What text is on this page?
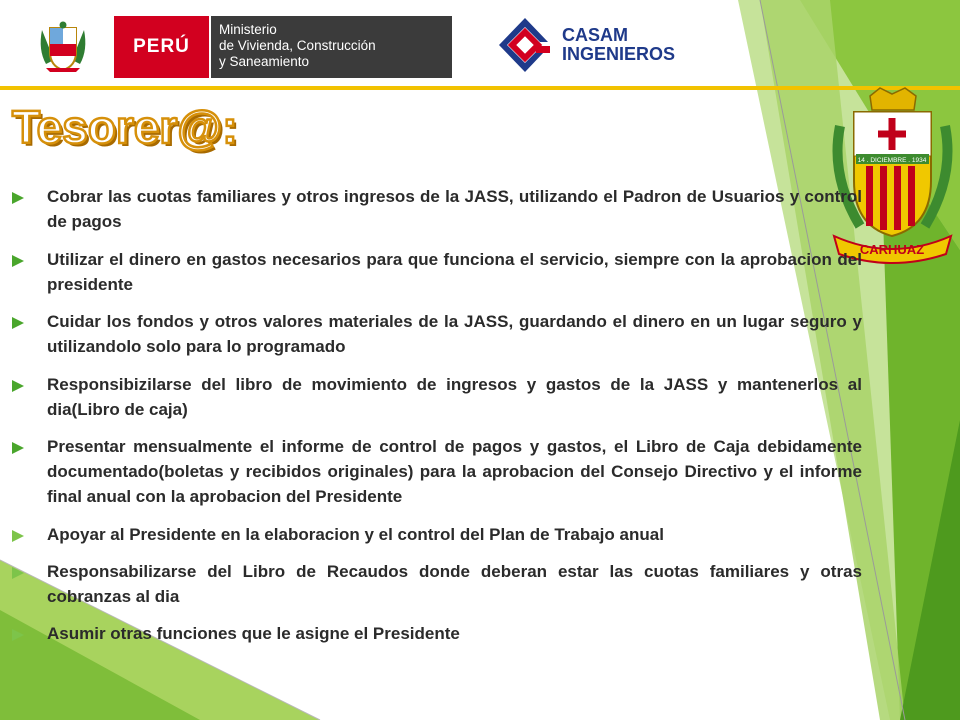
PERÚ
Ministerio
de Vivienda, Construcción
y Saneamiento
CASAM
INGENIEROS
14 . DICIEMBRE . 1934
CARHUAZ
Tesorer@:
Cobrar las cuotas familiares y otros ingresos de la JASS, utilizando el Padron de Usuarios y control de pagos
Utilizar el dinero en gastos necesarios para que funciona el servicio, siempre con la aprobacion del presidente
Cuidar los fondos y otros valores materiales de la JASS, guardando el dinero en un lugar seguro y utilizandolo solo para lo programado
Responsibizilarse del libro de movimiento de ingresos y gastos de la JASS y mantenerlos al dia(Libro de caja)
Presentar mensualmente el informe de control de pagos y gastos, el Libro de Caja debidamente documentado(boletas y recibidos originales) para la aprobacion del Consejo Directivo y el informe final anual con la aprobacion del Presidente
Apoyar al Presidente en la elaboracion y el control del Plan de Trabajo anual
Responsabilizarse del Libro de Recaudos donde deberan estar las cuotas familiares y otras cobranzas al dia
Asumir otras funciones que le asigne el Presidente
